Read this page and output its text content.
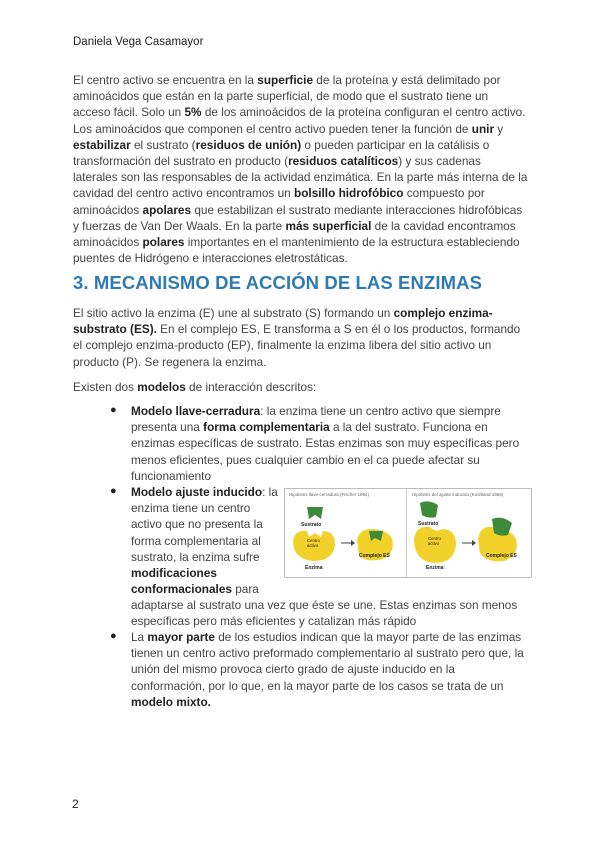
Daniela Vega Casamayor

El centro activo se encuentra en la superficie de la proteína y está delimitado por aminoácidos que están en la parte superficial, de modo que el sustrato tiene un acceso fácil. Solo un 5% de los aminoácidos de la proteína configuran el centro activo. Los aminoácidos que componen el centro activo pueden tener la función de unir y estabilizar el sustrato (residuos de unión) o pueden participar en la catálisis o transformación del sustrato en producto (residuos catalíticos) y sus cadenas laterales son las responsables de la actividad enzimática. En la parte más interna de la cavidad del centro activo encontramos un bolsillo hidrofóbico compuesto por aminoácidos apolares que estabilizan el sustrato mediante interacciones hidrofóbicas y fuerzas de Van Der Waals. En la parte más superficial de la cavidad encontramos aminoácidos polares importantes en el mantenimiento de la estructura estableciendo puentes de Hidrógeno e interacciones eletrostáticas.

3. MECANISMO DE ACCIÓN DE LAS ENZIMAS

El sitio activo la enzima (E) une al substrato (S) formando un complejo enzima-substrato (ES). En el complejo ES, E transforma a S en él o los productos, formando el complejo enzima-producto (EP), finalmente la enzima libera del sitio activo un producto (P). Se regenera la enzima.

Existen dos modelos de interacción descritos:

● Modelo llave-cerradura: la enzima tiene un centro activo que siempre presenta una forma complementaria a la del sustrato. Funciona en enzimas específicas de sustrato. Estas enzimas son muy específicas pero menos eficientes, pues cualquier cambio en el ca puede afectar su funcionamiento
● Modelo ajuste inducido: la enzima tiene un centro activo que no presenta la forma complementaria al sustrato, la enzima sufre modificaciones conformacionales para
adaptarse al sustrato una vez que éste se une. Estas enzimas son menos específicas pero más eficientes y catalizan más rápido
Hipótesis llave-cerradura (Fischer 1894)
Sustrato
Centro activo
Complejo ES
Enzima
Hipótesis del ajuste inducido (Koshland 1958)
Sustrato
Centro activo
Complejo ES
Enzima
● La mayor parte de los estudios indican que la mayor parte de las enzimas tienen un centro activo preformado complementario al sustrato pero que, la unión del mismo provoca cierto grado de ajuste inducido en la conformación, por lo que, en la mayor parte de los casos se trata de un modelo mixto.
2
